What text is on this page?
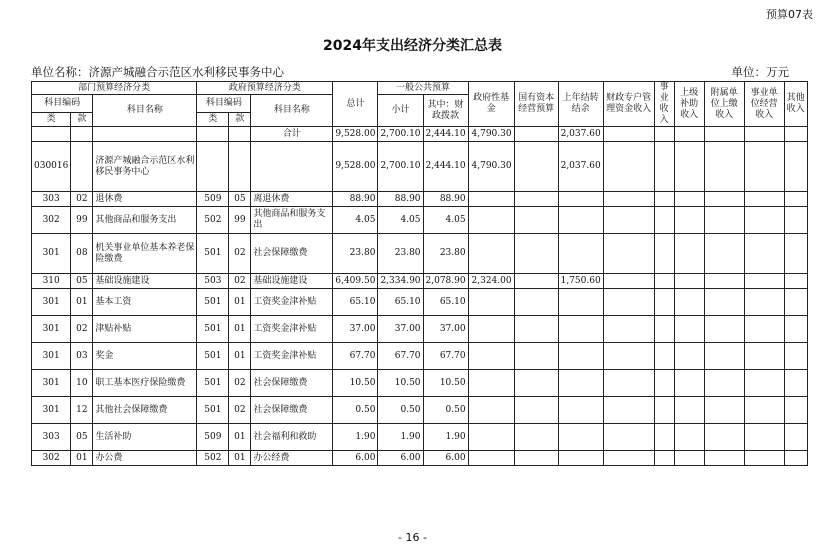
预算07表
2024年支出经济分类汇总表
单位名称：济源产城融合示范区水利移民事务中心	单位：万元
部门预算经济分类			政府预算经济分类			总计	一般公共预算		政府性基金	国有资本经营预算	上年结转结余	财政专户管理资金收入	事业收入	上级补助收入	附属单位上缴收入	事业单位经营收入	其他收入
科目编码		科目名称	科目编码		科目名称		小计	其中：财政拨款									
类	款		类	款													
					合计	9,528.00	2,700.10	2,444.10	4,790.30		2,037.60						
030016		济源产城融合示范区水利移民事务中心				9,528.00	2,700.10	2,444.10	4,790.30		2,037.60						
303	02	退休费	509	05	离退休费	88.90	88.90	88.90									
302	99	其他商品和服务支出	502	99	其他商品和服务支出	4.05	4.05	4.05									
301	08	机关事业单位基本养老保险缴费	501	02	社会保障缴费	23.80	23.80	23.80									
310	05	基础设施建设	503	02	基础设施建设	6,409.50	2,334.90	2,078.90	2,324.00		1,750.60						
301	01	基本工资	501	01	工资奖金津补贴	65.10	65.10	65.10									
301	02	津贴补贴	501	01	工资奖金津补贴	37.00	37.00	37.00									
301	03	奖金	501	01	工资奖金津补贴	67.70	67.70	67.70									
301	10	职工基本医疗保险缴费	501	02	社会保障缴费	10.50	10.50	10.50									
301	12	其他社会保障缴费	501	02	社会保障缴费	0.50	0.50	0.50									
303	05	生活补助	509	01	社会福利和救助	1.90	1.90	1.90									
302	01	办公费	502	01	办公经费	6.00	6.00	6.00									
- 16 -
